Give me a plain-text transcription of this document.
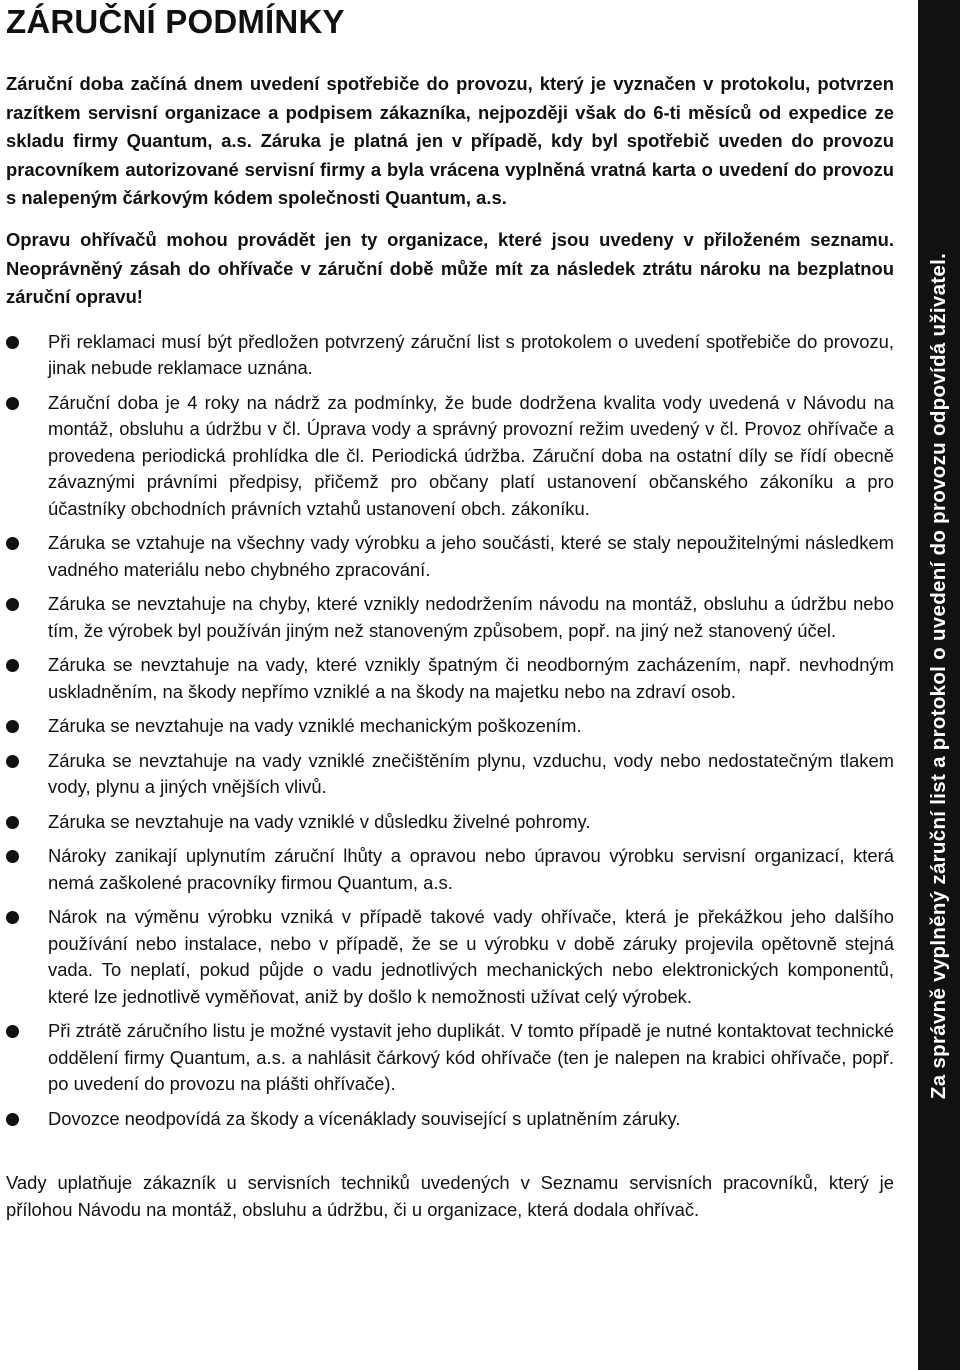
ZÁRUČNÍ PODMÍNKY

Záruční doba začíná dnem uvedení spotřebiče do provozu, který je vyznačen v protokolu, potvrzen razítkem servisní organizace a podpisem zákazníka, nejpozději však do 6-ti měsíců od expedice ze skladu firmy Quantum, a.s. Záruka je platná jen v případě, kdy byl spotřebič uveden do provozu pracovníkem autorizované servisní firmy a byla vrácena vyplněná vratná karta o uvedení do provozu s nalepeným čárkovým kódem společnosti Quantum, a.s.

Opravu ohřívačů mohou provádět jen ty organizace, které jsou uvedeny v přiloženém seznamu. Neoprávněný zásah do ohřívače v záruční době může mít za následek ztrátu nároku na bezplatnou záruční opravu!

Při reklamaci musí být předložen potvrzený záruční list s protokolem o uvedení spotřebiče do provozu, jinak nebude reklamace uznána.
Záruční doba je 4 roky na nádrž za podmínky, že bude dodržena kvalita vody uvedená v Návodu na montáž, obsluhu a údržbu v čl. Úprava vody a správný provozní režim uvedený v čl. Provoz ohřívače a provedena periodická prohlídka dle čl. Periodická údržba. Záruční doba na ostatní díly se řídí obecně závaznými právními předpisy, přičemž pro občany platí ustanovení občanského zákoníku a pro účastníky obchodních právních vztahů ustanovení obch. zákoníku.
Záruka se vztahuje na všechny vady výrobku a jeho součásti, které se staly nepoužitelnými následkem vadného materiálu nebo chybného zpracování.
Záruka se nevztahuje na chyby, které vznikly nedodržením návodu na montáž, obsluhu a údržbu nebo tím, že výrobek byl používán jiným než stanoveným způsobem, popř. na jiný než stanovený účel.
Záruka se nevztahuje na vady, které vznikly špatným či neodborným zacházením, např. nevhodným uskladněním, na škody nepřímo vzniklé a na škody na majetku nebo na zdraví osob.
Záruka se nevztahuje na vady vzniklé mechanickým poškozením.
Záruka se nevztahuje na vady vzniklé znečištěním plynu, vzduchu, vody nebo nedostatečným tlakem vody, plynu a jiných vnějších vlivů.
Záruka se nevztahuje na vady vzniklé v důsledku živelné pohromy.
Nároky zanikají uplynutím záruční lhůty a opravou nebo úpravou výrobku servisní organizací, která nemá zaškolené pracovníky firmou Quantum, a.s.
Nárok na výměnu výrobku vzniká v případě takové vady ohřívače, která je překážkou jeho dalšího používání nebo instalace, nebo v případě, že se u výrobku v době záruky projevila opětovně stejná vada. To neplatí, pokud půjde o vadu jednotlivých mechanických nebo elektronických komponentů, které lze jednotlivě vyměňovat, aniž by došlo k nemožnosti užívat celý výrobek.
Při ztrátě záručního listu je možné vystavit jeho duplikát. V tomto případě je nutné kontaktovat technické oddělení firmy Quantum, a.s. a nahlásit čárkový kód ohřívače (ten je nalepen na krabici ohřívače, popř. po uvedení do provozu na plášti ohřívače).
Dovozce neodpovídá za škody a vícenáklady související s uplatněním záruky.

Vady uplatňuje zákazník u servisních techniků uvedených v Seznamu servisních pracovníků, který je přílohou Návodu na montáž, obsluhu a údržbu, či u organizace, která dodala ohřívač.

Za správně vyplněný záruční list a protokol o uvedení do provozu odpovídá uživatel.
